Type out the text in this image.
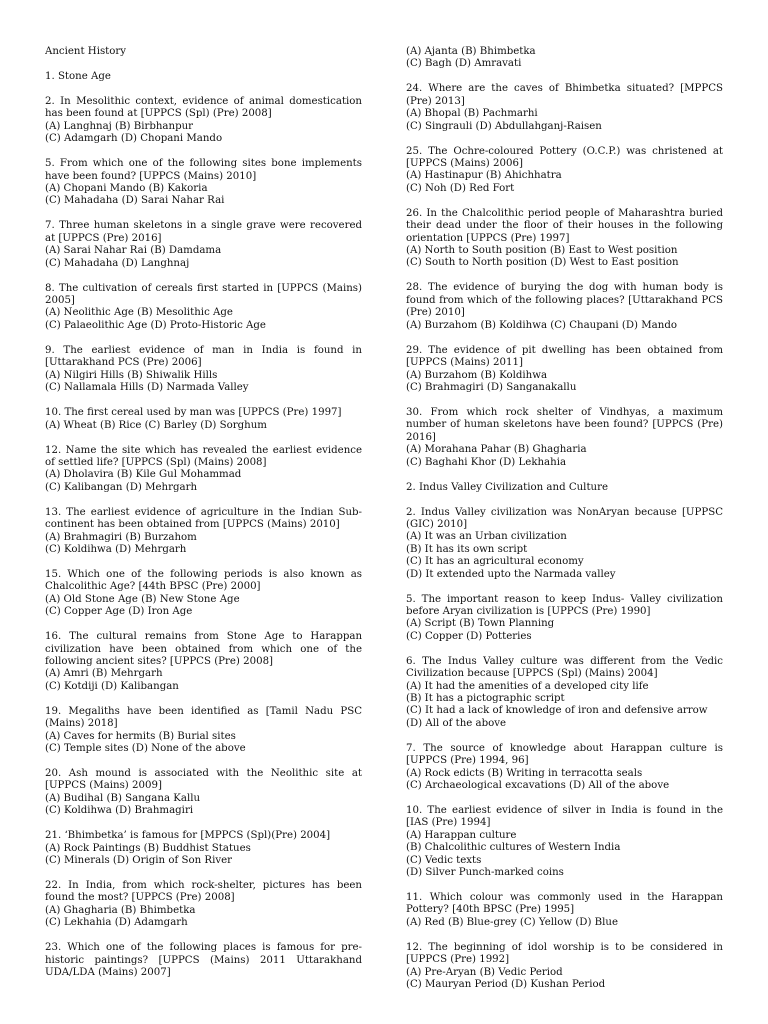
Ancient History
1. Stone Age
2. In Mesolithic context, evidence of animal domestication has been found at [UPPCS (Spl) (Pre) 2008]
(A) Langhnaj (B) Birbhanpur
(C) Adamgarh (D) Chopani Mando
5. From which one of the following sites bone implements have been found? [UPPCS (Mains) 2010]
(A) Chopani Mando (B) Kakoria
(C) Mahadaha (D) Sarai Nahar Rai
7. Three human skeletons in a single grave were recovered at [UPPCS (Pre) 2016]
(A) Sarai Nahar Rai (B) Damdama
(C) Mahadaha (D) Langhnaj
8. The cultivation of cereals first started in [UPPCS (Mains) 2005]
(A) Neolithic Age (B) Mesolithic Age
(C) Palaeolithic Age (D) Proto-Historic Age
9. The earliest evidence of man in India is found in [Uttarakhand PCS (Pre) 2006]
(A) Nilgiri Hills (B) Shiwalik Hills
(C) Nallamala Hills (D) Narmada Valley
10. The first cereal used by man was [UPPCS (Pre) 1997]
(A) Wheat (B) Rice (C) Barley (D) Sorghum
12. Name the site which has revealed the earliest evidence of settled life? [UPPCS (Spl) (Mains) 2008]
(A) Dholavira (B) Kile Gul Mohammad
(C) Kalibangan (D) Mehrgarh
13. The earliest evidence of agriculture in the Indian Sub-continent has been obtained from [UPPCS (Mains) 2010]
(A) Brahmagiri (B) Burzahom
(C) Koldihwa (D) Mehrgarh
15. Which one of the following periods is also known as Chalcolithic Age? [44th BPSC (Pre) 2000]
(A) Old Stone Age (B) New Stone Age
(C) Copper Age (D) Iron Age
16. The cultural remains from Stone Age to Harappan civilization have been obtained from which one of the following ancient sites? [UPPCS (Pre) 2008]
(A) Amri (B) Mehrgarh
(C) Kotdiji (D) Kalibangan
19. Megaliths have been identified as [Tamil Nadu PSC (Mains) 2018]
(A) Caves for hermits (B) Burial sites
(C) Temple sites (D) None of the above
20. Ash mound is associated with the Neolithic site at [UPPCS (Mains) 2009]
(A) Budihal (B) Sangana Kallu
(C) Koldihwa (D) Brahmagiri
21. ‘Bhimbetka’ is famous for [MPPCS (Spl)(Pre) 2004]
(A) Rock Paintings (B) Buddhist Statues
(C) Minerals (D) Origin of Son River
22. In India, from which rock-shelter, pictures has been found the most? [UPPCS (Pre) 2008]
(A) Ghagharia (B) Bhimbetka
(C) Lekhahia (D) Adamgarh
23. Which one of the following places is famous for pre-historic paintings? [UPPCS (Mains) 2011 Uttarakhand UDA/LDA (Mains) 2007]
(A) Ajanta (B) Bhimbetka
(C) Bagh (D) Amravati
24. Where are the caves of Bhimbetka situated? [MPPCS (Pre) 2013]
(A) Bhopal (B) Pachmarhi
(C) Singrauli (D) Abdullahganj-Raisen
25. The Ochre-coloured Pottery (O.C.P.) was christened at [UPPCS (Mains) 2006]
(A) Hastinapur (B) Ahichhatra
(C) Noh (D) Red Fort
26. In the Chalcolithic period people of Maharashtra buried their dead under the floor of their houses in the following orientation [UPPCS (Pre) 1997]
(A) North to South position (B) East to West position
(C) South to North position (D) West to East position
28. The evidence of burying the dog with human body is found from which of the following places? [Uttarakhand PCS (Pre) 2010]
(A) Burzahom (B) Koldihwa (C) Chaupani (D) Mando
29. The evidence of pit dwelling has been obtained from [UPPCS (Mains) 2011]
(A) Burzahom (B) Koldihwa
(C) Brahmagiri (D) Sanganakallu
30. From which rock shelter of Vindhyas, a maximum number of human skeletons have been found? [UPPCS (Pre) 2016]
(A) Morahana Pahar (B) Ghagharia
(C) Baghahi Khor (D) Lekhahia
2. Indus Valley Civilization and Culture
2. Indus Valley civilization was NonAryan because [UPPSC (GIC) 2010]
(A) It was an Urban civilization
(B) It has its own script
(C) It has an agricultural economy
(D) It extended upto the Narmada valley
5. The important reason to keep Indus- Valley civilization before Aryan civilization is [UPPCS (Pre) 1990]
(A) Script (B) Town Planning
(C) Copper (D) Potteries
6. The Indus Valley culture was different from the Vedic Civilization because [UPPCS (Spl) (Mains) 2004]
(A) It had the amenities of a developed city life
(B) It has a pictographic script
(C) It had a lack of knowledge of iron and defensive arrow
(D) All of the above
7. The source of knowledge about Harappan culture is [UPPCS (Pre) 1994, 96]
(A) Rock edicts (B) Writing in terracotta seals
(C) Archaeological excavations (D) All of the above
10. The earliest evidence of silver in India is found in the [IAS (Pre) 1994]
(A) Harappan culture
(B) Chalcolithic cultures of Western India
(C) Vedic texts
(D) Silver Punch-marked coins
11. Which colour was commonly used in the Harappan Pottery? [40th BPSC (Pre) 1995]
(A) Red (B) Blue-grey (C) Yellow (D) Blue
12. The beginning of idol worship is to be considered in [UPPCS (Pre) 1992]
(A) Pre-Aryan (B) Vedic Period
(C) Mauryan Period (D) Kushan Period
